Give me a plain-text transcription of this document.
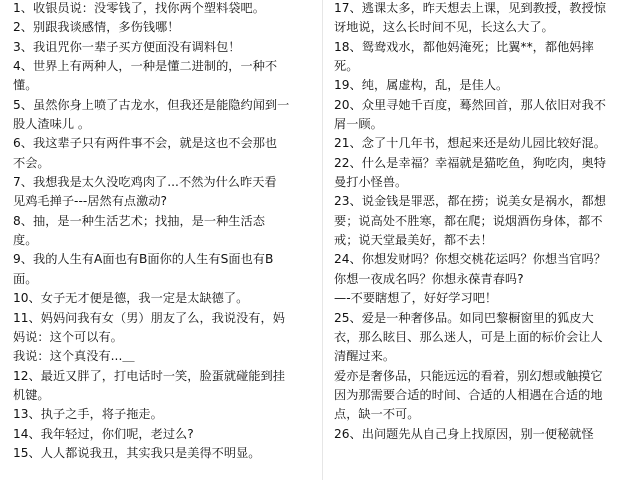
1、收银员说：没零钱了，找你两个塑料袋吧。
2、别跟我谈感情，多伤钱哪！
3、我诅咒你一辈子买方便面没有调料包！
4、世界上有两种人，一种是懂二进制的，一种不
懂。
5、虽然你身上喷了古龙水，但我还是能隐约闻到一
股人渣味儿 。
6、我这辈子只有两件事不会，就是这也不会那也
不会。
7、我想我是太久没吃鸡肉了...不然为什么昨天看
见鸡毛掸子---居然有点激动?
8、抽，是一种生活艺术；找抽，是一种生活态
度。
9、我的人生有A面也有B面你的人生有S面也有B
面。
10、女子无才便是德，我一定是太缺德了。
11、妈妈问我有女（男）朋友了么，我说没有，妈
妈说：这个可以有。
我说：这个真没有...＿
12、最近又胖了，打电话时一笑，脸蛋就碰能到挂
机键。
13、执子之手，将子拖走。
14、我年轻过，你们呢，老过么?
15、人人都说我丑，其实我只是美得不明显。
17、逃课太多，昨天想去上课，见到教授，教授惊
讶地说，这么长时间不见，长这么大了。
18、鸳鸯戏水，都他妈淹死；比翼**，都他妈摔
死。
19、纯，属虚构，乱，是佳人。
20、众里寻她千百度，蓦然回首，那人依旧对我不
屑一顾。
21、念了十几年书，想起来还是幼儿园比较好混。
22、什么是幸福？幸福就是猫吃鱼，狗吃肉，奥特
曼打小怪兽。
23、说金钱是罪恶，都在捞；说美女是祸水，都想
要；说高处不胜寒，都在爬；说烟酒伤身体，都不
戒；说天堂最美好，都不去！
24、你想发财吗？你想交桃花运吗？你想当官吗？
你想一夜成名吗？你想永葆青春吗?
—-不要瞎想了，好好学习吧！
25、爱是一种奢侈品。如同巴黎橱窗里的狐皮大
衣，那么眩目、那么迷人，可是上面的标价会让人
清醒过来。
爱亦是奢侈品，只能远远的看着，别幻想或触摸它
因为那需要合适的时间、合适的人相遇在合适的地
点，缺一不可。
26、出问题先从自己身上找原因，别一便秘就怪
